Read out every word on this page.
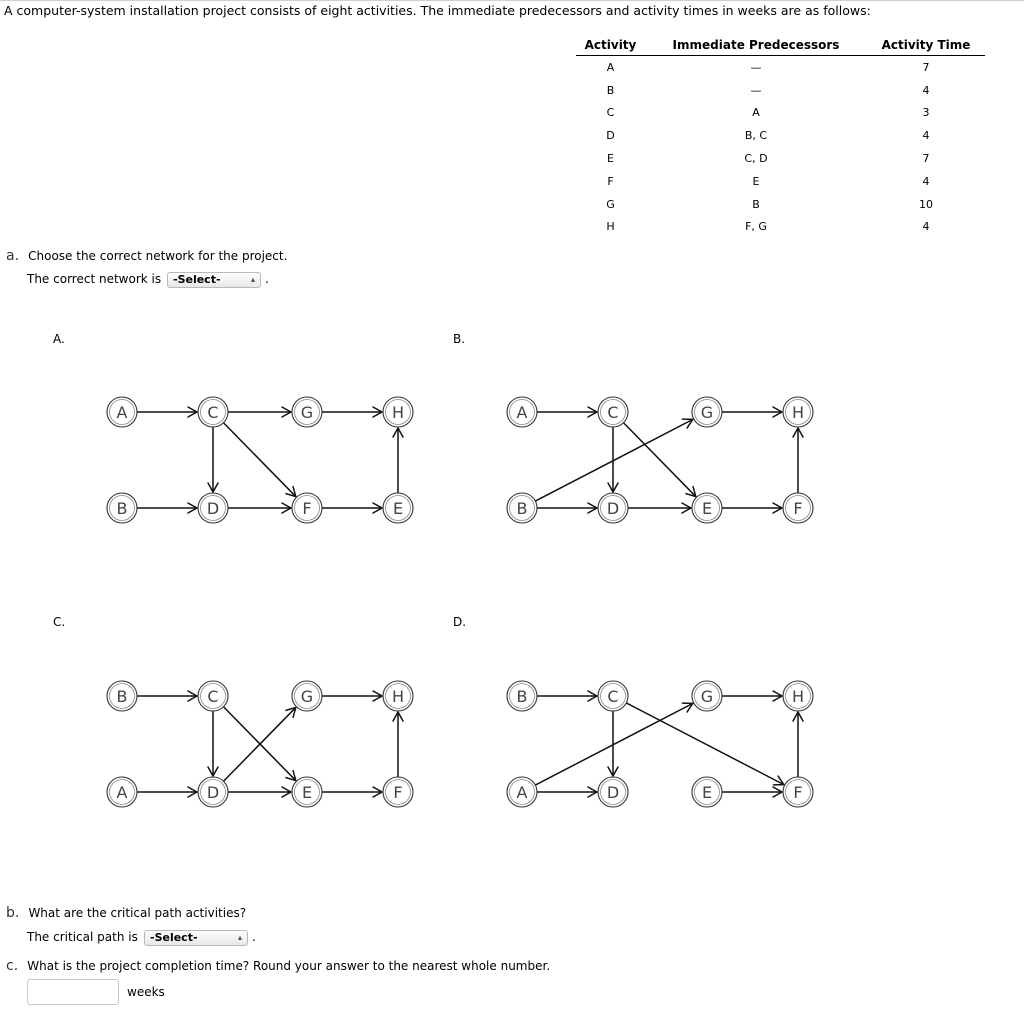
A computer-system installation project consists of eight activities. The immediate predecessors and activity times in weeks are as follows:
Activity	Immediate Predecessors	Activity Time
A	—	7
B	—	4
C	A	3
D	B, C	4
E	C, D	7
F	E	4
G	B	10
H	F, G	4
a. Choose the correct network for the project.
The correct network is	-Select-	▴ .
A.	B.
C.	D.
A	C	G	H
B	D	F	E
A	C	G	H
B	D	E	F
B	C	G	H
A	D	E	F
B	C	G	H
A	D	E	F
b. What are the critical path activities?
The critical path is	-Select-	▴ .
c. What is the project completion time? Round your answer to the nearest whole number.
weeks
